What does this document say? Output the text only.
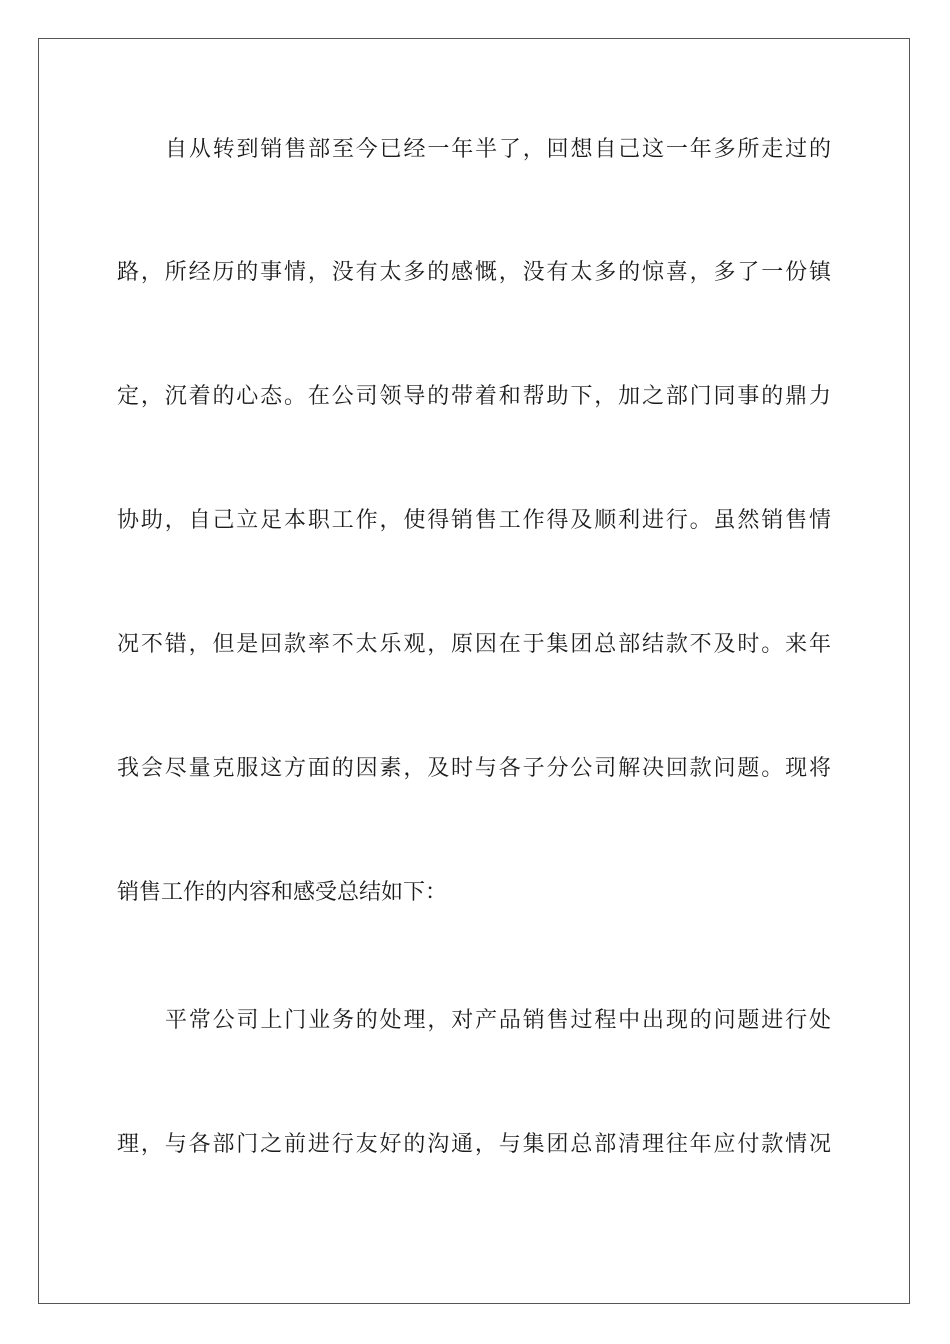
自从转到销售部至今已经一年半了，回想自己这一年多所走过的
路，所经历的事情，没有太多的感慨，没有太多的惊喜，多了一份镇
定，沉着的心态。在公司领导的带着和帮助下，加之部门同事的鼎力
协助，自己立足本职工作，使得销售工作得及顺利进行。虽然销售情
况不错，但是回款率不太乐观，原因在于集团总部结款不及时。来年
我会尽量克服这方面的因素，及时与各子分公司解决回款问题。现将
销售工作的内容和感受总结如下：
平常公司上门业务的处理，对产品销售过程中出现的问题进行处
理，与各部门之前进行友好的沟通，与集团总部清理往年应付款情况
